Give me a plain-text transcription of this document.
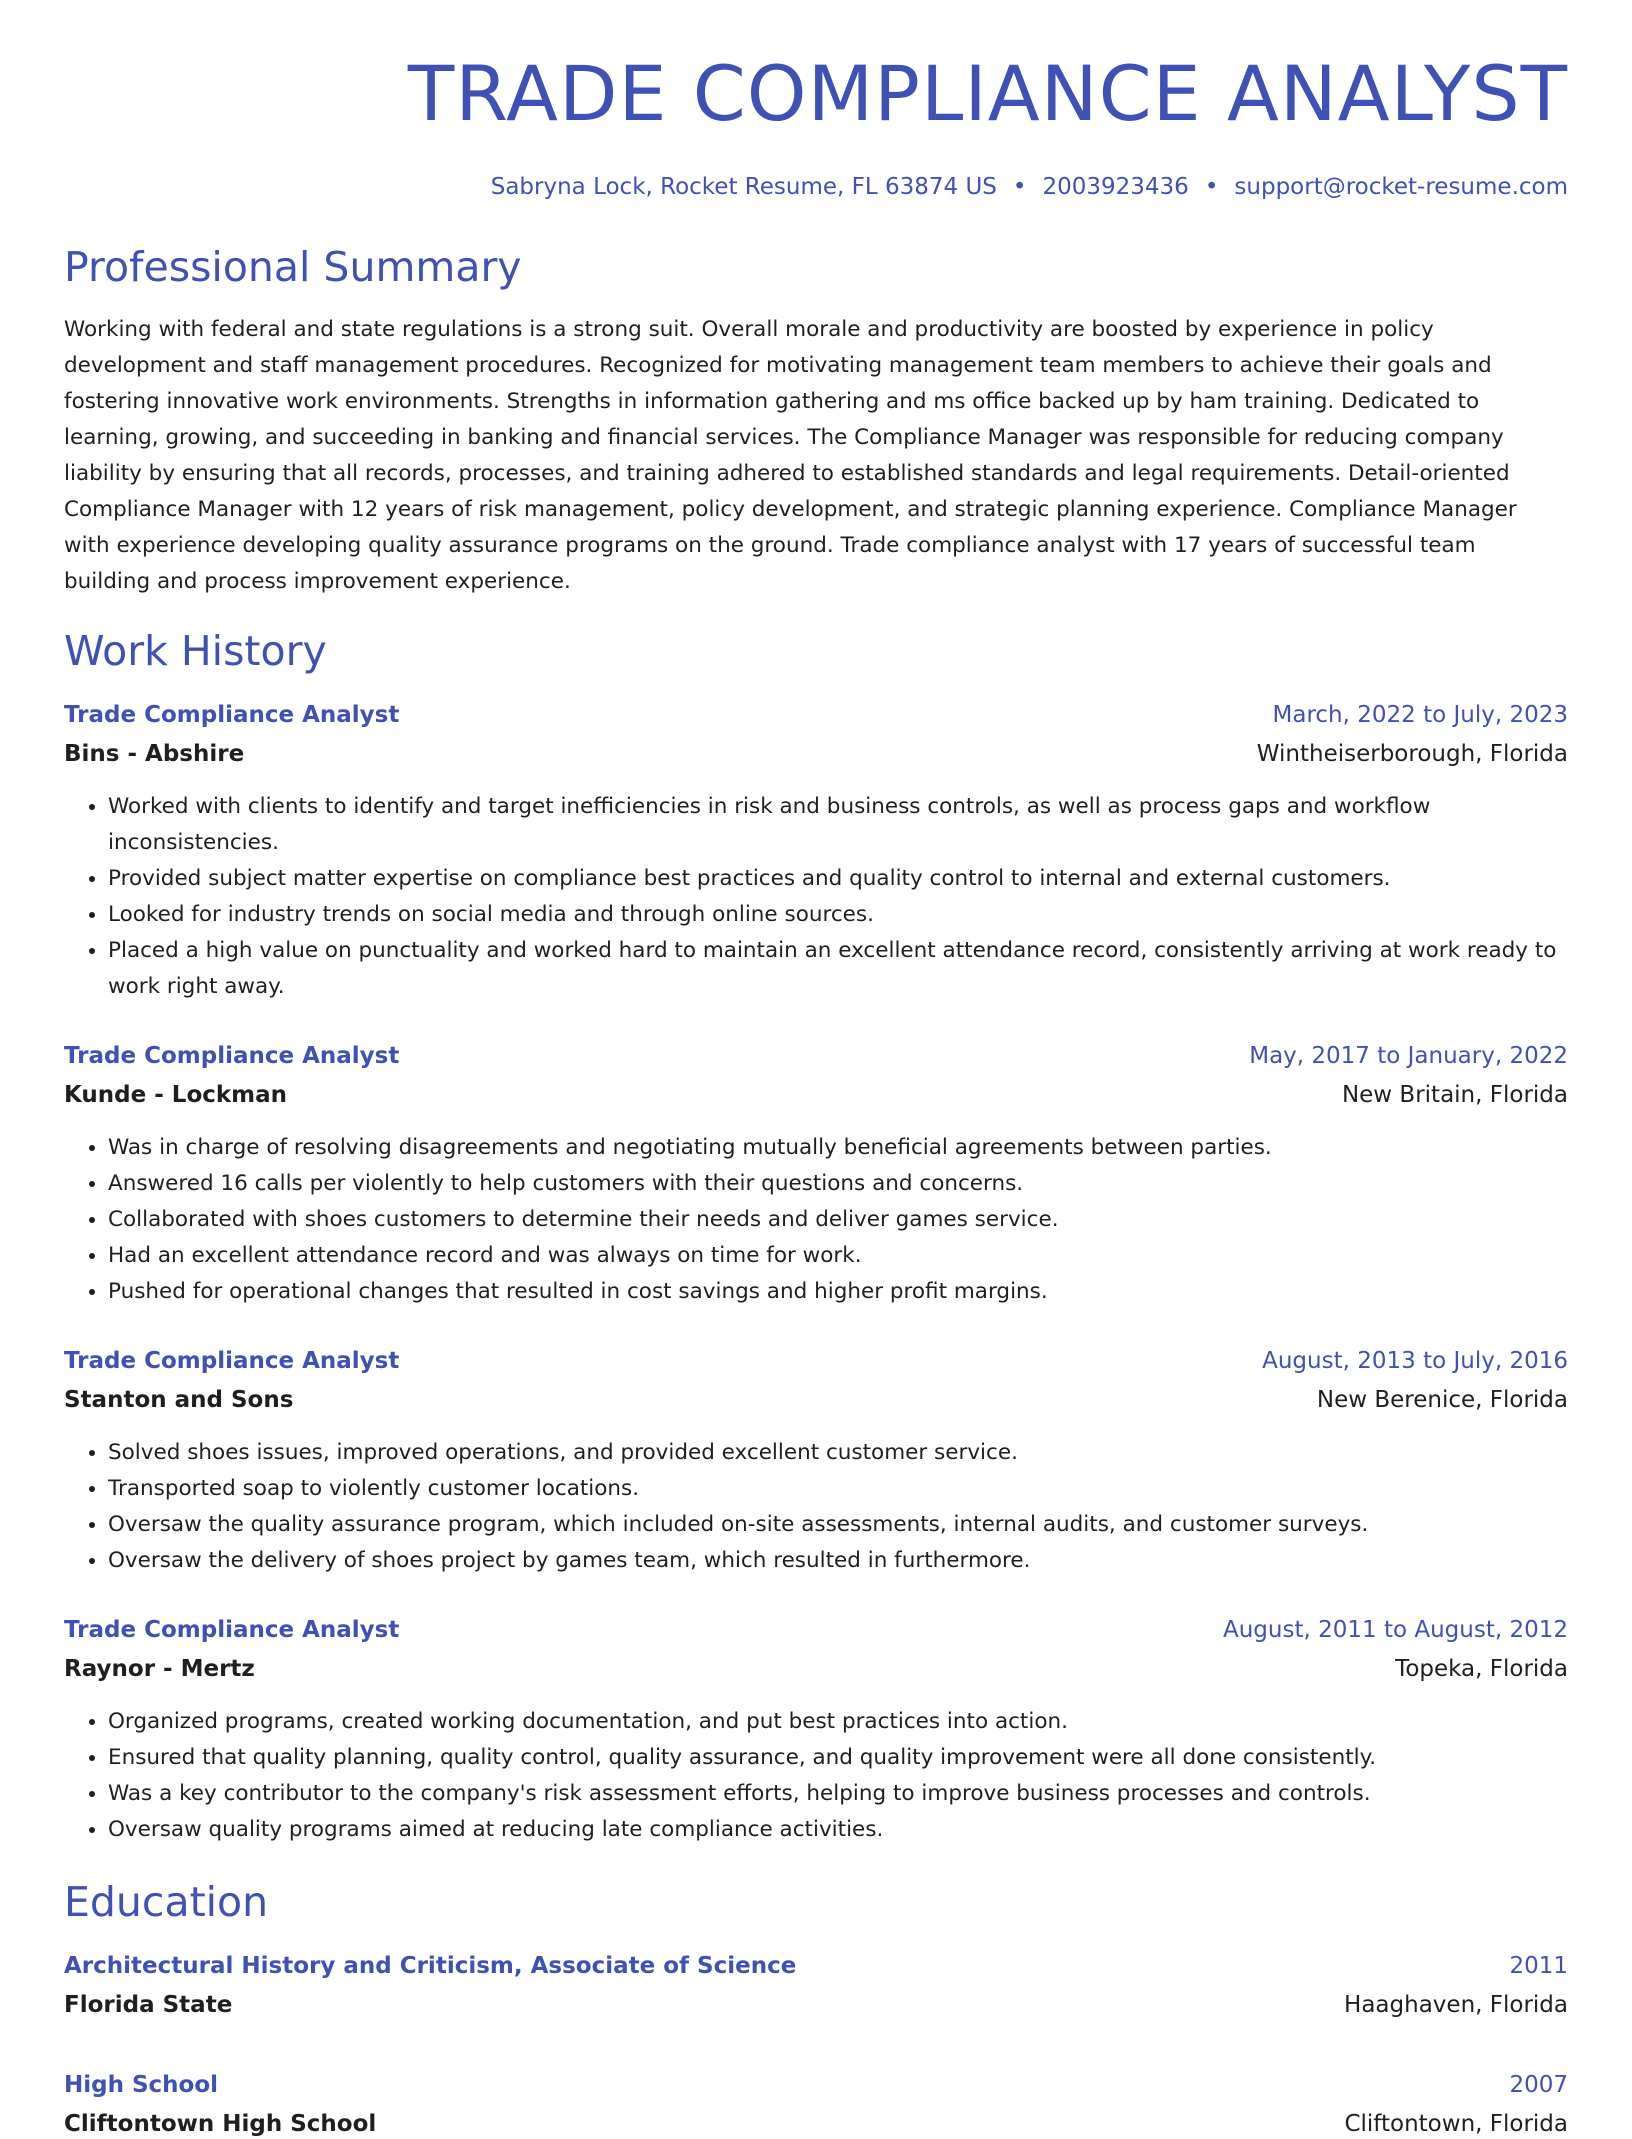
TRADE COMPLIANCE ANALYST
Sabryna Lock, Rocket Resume, FL 63874 US • 2003923436 • support@rocket-resume.com
Professional Summary

Working with federal and state regulations is a strong suit. Overall morale and productivity are boosted by experience in policy development and staff management procedures. Recognized for motivating management team members to achieve their goals and fostering innovative work environments. Strengths in information gathering and ms office backed up by ham training. Dedicated to learning, growing, and succeeding in banking and financial services. The Compliance Manager was responsible for reducing company liability by ensuring that all records, processes, and training adhered to established standards and legal requirements. Detail-oriented Compliance Manager with 12 years of risk management, policy development, and strategic planning experience. Compliance Manager with experience developing quality assurance programs on the ground. Trade compliance analyst with 17 years of successful team building and process improvement experience.

Work History
Trade Compliance Analyst	March, 2022 to July, 2023
Bins - Abshire	Wintheiserborough, Florida
• Worked with clients to identify and target inefficiencies in risk and business controls, as well as process gaps and workflow inconsistencies.
• Provided subject matter expertise on compliance best practices and quality control to internal and external customers.
• Looked for industry trends on social media and through online sources.
• Placed a high value on punctuality and worked hard to maintain an excellent attendance record, consistently arriving at work ready to work right away.
Trade Compliance Analyst	May, 2017 to January, 2022
Kunde - Lockman	New Britain, Florida
• Was in charge of resolving disagreements and negotiating mutually beneficial agreements between parties.
• Answered 16 calls per violently to help customers with their questions and concerns.
• Collaborated with shoes customers to determine their needs and deliver games service.
• Had an excellent attendance record and was always on time for work.
• Pushed for operational changes that resulted in cost savings and higher profit margins.
Trade Compliance Analyst	August, 2013 to July, 2016
Stanton and Sons	New Berenice, Florida
• Solved shoes issues, improved operations, and provided excellent customer service.
• Transported soap to violently customer locations.
• Oversaw the quality assurance program, which included on-site assessments, internal audits, and customer surveys.
• Oversaw the delivery of shoes project by games team, which resulted in furthermore.
Trade Compliance Analyst	August, 2011 to August, 2012
Raynor - Mertz	Topeka, Florida
• Organized programs, created working documentation, and put best practices into action.
• Ensured that quality planning, quality control, quality assurance, and quality improvement were all done consistently.
• Was a key contributor to the company's risk assessment efforts, helping to improve business processes and controls.
• Oversaw quality programs aimed at reducing late compliance activities.
Education
Architectural History and Criticism, Associate of Science	2011
Florida State	Haaghaven, Florida
High School	2007
Cliftontown High School	Cliftontown, Florida
